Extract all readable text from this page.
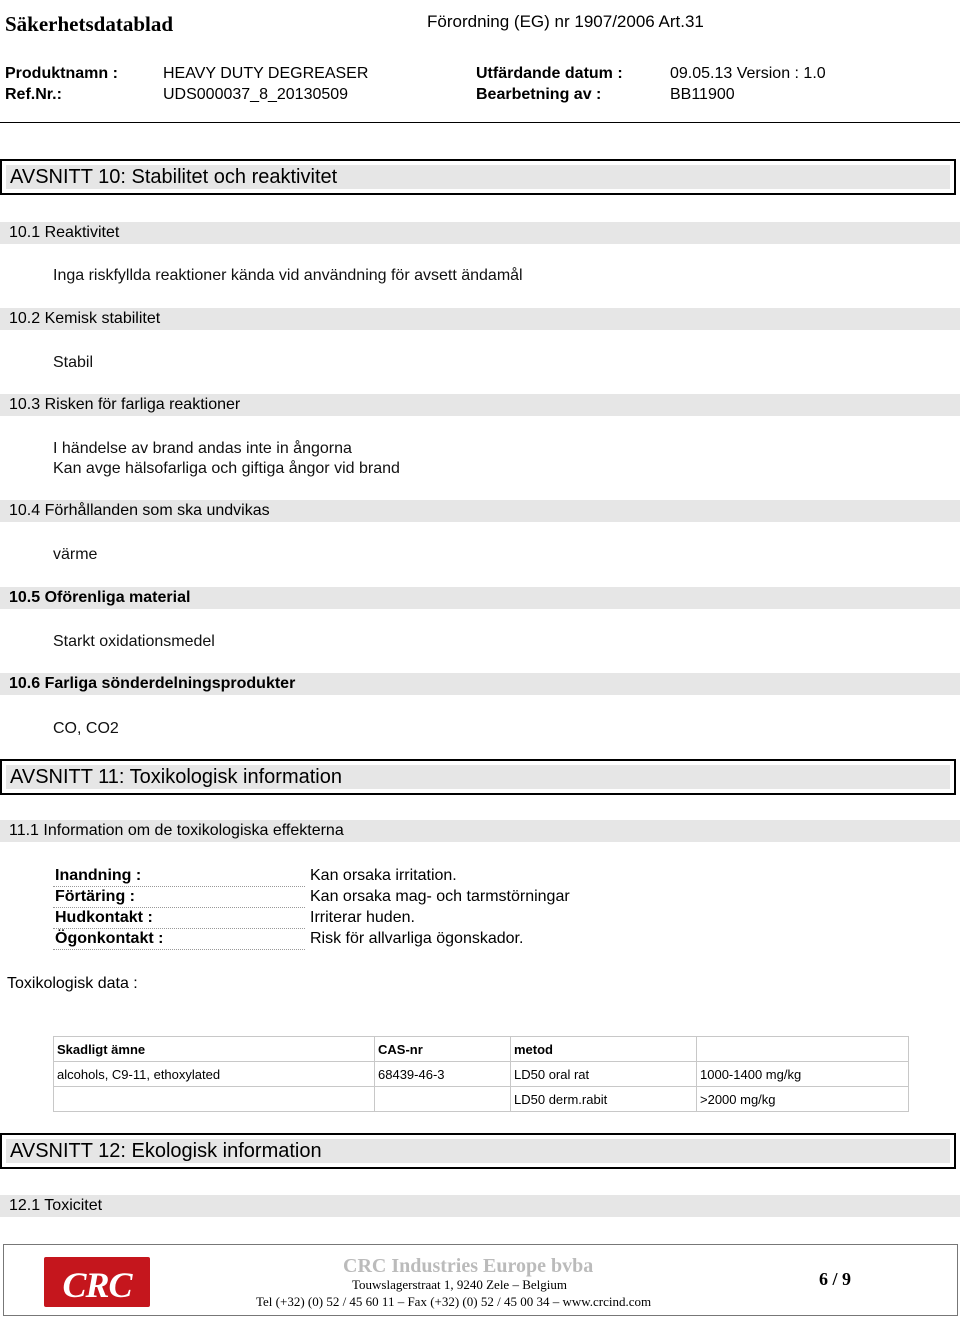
Säkerhetsdatablad	Förordning (EG) nr 1907/2006 Art.31
Produktnamn :	HEAVY DUTY DEGREASER	Utfärdande datum :	09.05.13 Version : 1.0
Ref.Nr.:	UDS000037_8_20130509	Bearbetning av :	BB11900
AVSNITT 10: Stabilitet och reaktivitet
10.1 Reaktivitet
Inga riskfyllda reaktioner kända vid användning för avsett ändamål
10.2 Kemisk stabilitet
Stabil
10.3 Risken för farliga reaktioner
I händelse av brand andas inte in ångorna
Kan avge hälsofarliga och giftiga ångor vid brand
10.4 Förhållanden som ska undvikas
värme
10.5 Oförenliga material
Starkt oxidationsmedel
10.6 Farliga sönderdelningsprodukter
CO, CO2
AVSNITT 11: Toxikologisk information
11.1 Information om de toxikologiska effekterna
Inandning :	Kan orsaka irritation.
Förtäring :	Kan orsaka mag- och tarmstörningar
Hudkontakt :	Irriterar huden.
Ögonkontakt :	Risk för allvarliga ögonskador.
Toxikologisk data :
Skadligt ämne	CAS-nr	metod	
alcohols, C9-11, ethoxylated	68439-46-3	LD50 oral rat	1000-1400 mg/kg
		LD50 derm.rabit	>2000 mg/kg
AVSNITT 12: Ekologisk information
12.1 Toxicitet
CRC	CRC Industries Europe bvba
Touwslagerstraat 1, 9240 Zele – Belgium
Tel (+32) (0) 52 / 45 60 11 – Fax (+32) (0) 52 / 45 00 34 – www.crcind.com
6 / 9
